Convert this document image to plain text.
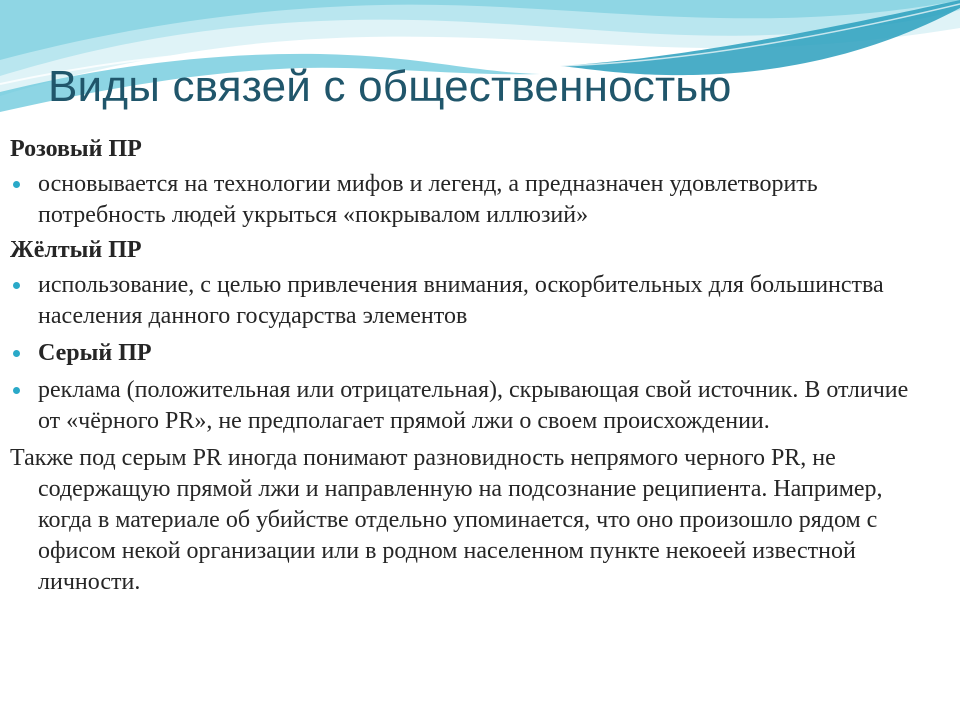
Виды связей с общественностью

Розовый ПР

основывается на технологии мифов и легенд, а предназначен удовлетворить потребность людей укрыться «покрывалом иллюзий»

Жёлтый ПР

использование, с целью привлечения внимания, оскорбительных для большинства населения данного государства элементов
Серый ПР
реклама (положительная или отрицательная), скрывающая свой источник. В отличие от «чёрного PR», не предполагает прямой лжи о своем происхождении.

Также под серым PR иногда понимают разновидность непрямого черного PR, не содержащую прямой лжи и направленную на подсознание реципиента. Например, когда в материале об убийстве отдельно упоминается, что оно произошло рядом с офисом некой организации или в родном населенном пункте некоеей известной личности.
